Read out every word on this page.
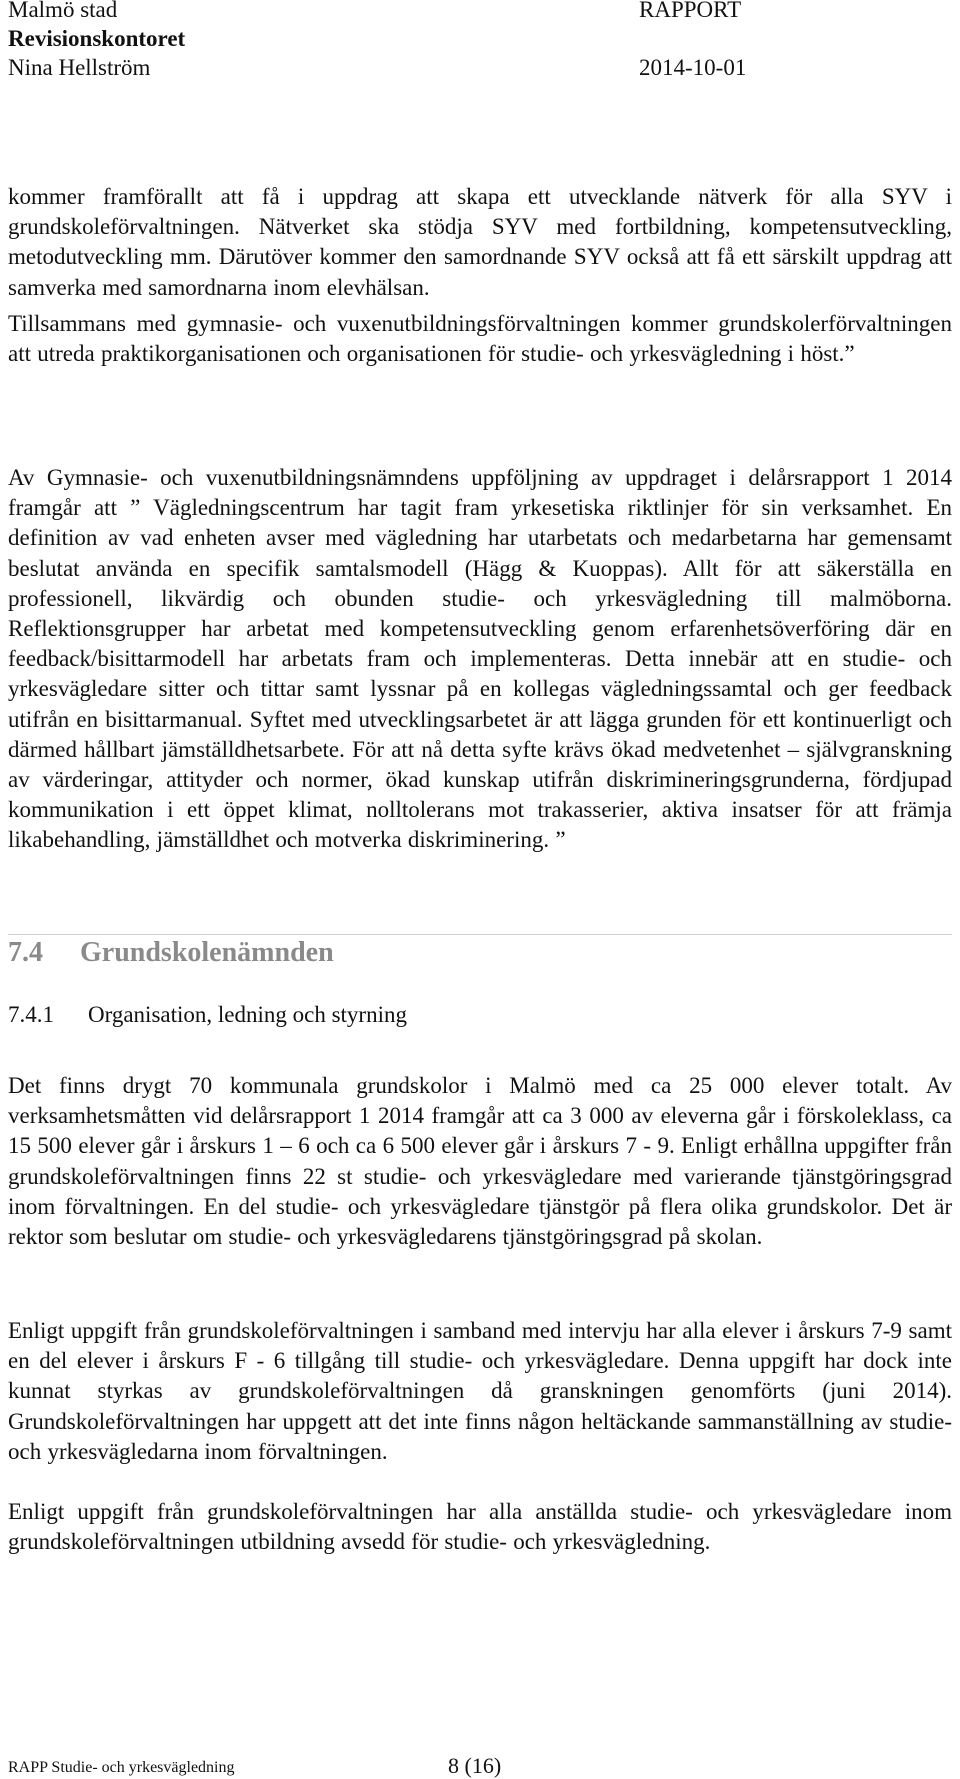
Malmö stad
Revisionskontoret
Nina Hellström
RAPPORT
2014-10-01

kommer framförallt att få i uppdrag att skapa ett utvecklande nätverk för alla SYV i grundskoleförvaltningen. Nätverket ska stödja SYV med fortbildning, kompetensutveckling, metodutveckling mm. Därutöver kommer den samordnande SYV också att få ett särskilt uppdrag att samverka med samordnarna inom elevhälsan.

Tillsammans med gymnasie- och vuxenutbildningsförvaltningen kommer grundskolerförvaltningen att utreda praktikorganisationen och organisationen för studie- och yrkesvägledning i höst.”

Av Gymnasie- och vuxenutbildningsnämndens uppföljning av uppdraget i delårsrapport 1 2014 framgår att ” Vägledningscentrum har tagit fram yrkesetiska riktlinjer för sin verksamhet. En definition av vad enheten avser med vägledning har utarbetats och medarbetarna har gemensamt beslutat använda en specifik samtalsmodell (Hägg & Kuoppas). Allt för att säkerställa en professionell, likvärdig och obunden studie- och yrkesvägledning till malmöborna. Reflektionsgrupper har arbetat med kompetensutveckling genom erfarenhetsöverföring där en feedback/bisittarmodell har arbetats fram och implementeras. Detta innebär att en studie- och yrkesvägledare sitter och tittar samt lyssnar på en kollegas vägledningssamtal och ger feedback utifrån en bisittarmanual. Syftet med utvecklingsarbetet är att lägga grunden för ett kontinuerligt och därmed hållbart jämställdhetsarbete. För att nå detta syfte krävs ökad medvetenhet – självgranskning av värderingar, attityder och normer, ökad kunskap utifrån diskrimineringsgrunderna, fördjupad kommunikation i ett öppet klimat, nolltolerans mot trakasserier, aktiva insatser för att främja likabehandling, jämställdhet och motverka diskriminering. ”

7.4 Grundskolenämnden
7.4.1 Organisation, ledning och styrning

Det finns drygt 70 kommunala grundskolor i Malmö med ca 25 000 elever totalt. Av verksamhetsmåtten vid delårsrapport 1 2014 framgår att ca 3 000 av eleverna går i förskoleklass, ca 15 500 elever går i årskurs 1 – 6 och ca 6 500 elever går i årskurs 7 - 9. Enligt erhållna uppgifter från grundskoleförvaltningen finns 22 st studie- och yrkesvägledare med varierande tjänstgöringsgrad inom förvaltningen. En del studie- och yrkesvägledare tjänstgör på flera olika grundskolor. Det är rektor som beslutar om studie- och yrkesvägledarens tjänstgöringsgrad på skolan.

Enligt uppgift från grundskoleförvaltningen i samband med intervju har alla elever i årskurs 7-9 samt en del elever i årskurs F - 6 tillgång till studie- och yrkesvägledare. Denna uppgift har dock inte kunnat styrkas av grundskoleförvaltningen då granskningen genomförts (juni 2014). Grundskoleförvaltningen har uppgett att det inte finns någon heltäckande sammanställning av studie- och yrkesvägledarna inom förvaltningen.

Enligt uppgift från grundskoleförvaltningen har alla anställda studie- och yrkesvägledare inom grundskoleförvaltningen utbildning avsedd för studie- och yrkesvägledning.

RAPP Studie- och yrkesvägledning	8 (16)
